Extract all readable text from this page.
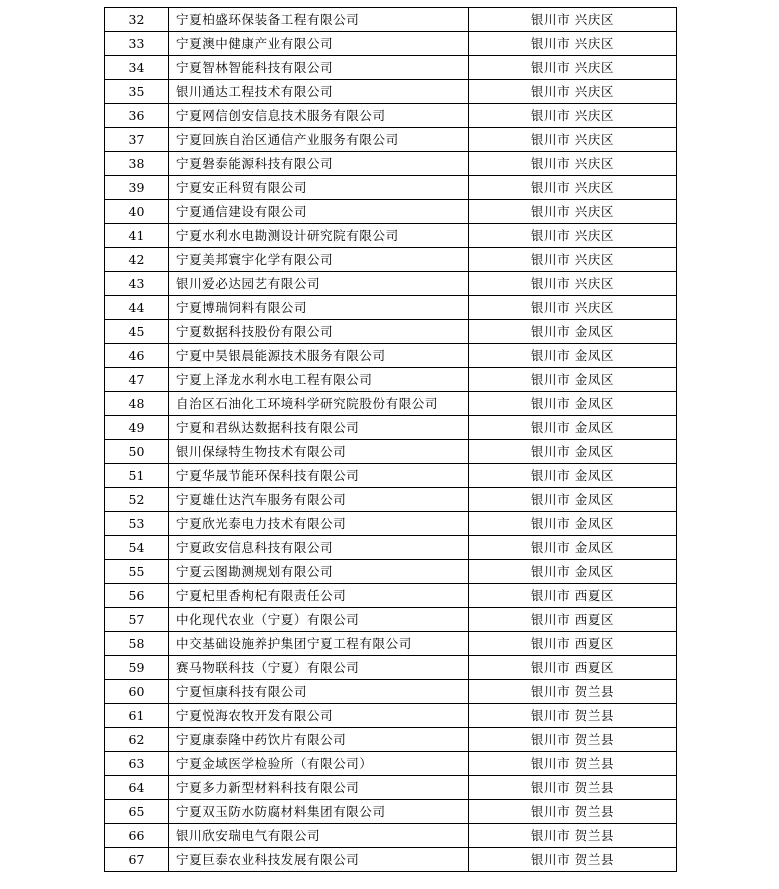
32	宁夏柏盛环保装备工程有限公司	银川市 兴庆区
33	宁夏澳中健康产业有限公司	银川市 兴庆区
34	宁夏智林智能科技有限公司	银川市 兴庆区
35	银川通达工程技术有限公司	银川市 兴庆区
36	宁夏网信创安信息技术服务有限公司	银川市 兴庆区
37	宁夏回族自治区通信产业服务有限公司	银川市 兴庆区
38	宁夏磐泰能源科技有限公司	银川市 兴庆区
39	宁夏安正科贸有限公司	银川市 兴庆区
40	宁夏通信建设有限公司	银川市 兴庆区
41	宁夏水利水电勘测设计研究院有限公司	银川市 兴庆区
42	宁夏美邦寰宇化学有限公司	银川市 兴庆区
43	银川爱必达园艺有限公司	银川市 兴庆区
44	宁夏博瑞饲料有限公司	银川市 兴庆区
45	宁夏数据科技股份有限公司	银川市 金凤区
46	宁夏中昊银晨能源技术服务有限公司	银川市 金凤区
47	宁夏上泽龙水利水电工程有限公司	银川市 金凤区
48	自治区石油化工环境科学研究院股份有限公司	银川市 金凤区
49	宁夏和君纵达数据科技有限公司	银川市 金凤区
50	银川保绿特生物技术有限公司	银川市 金凤区
51	宁夏华晟节能环保科技有限公司	银川市 金凤区
52	宁夏雄仕达汽车服务有限公司	银川市 金凤区
53	宁夏欣光泰电力技术有限公司	银川市 金凤区
54	宁夏政安信息科技有限公司	银川市 金凤区
55	宁夏云图勘测规划有限公司	银川市 金凤区
56	宁夏杞里香枸杞有限责任公司	银川市 西夏区
57	中化现代农业（宁夏）有限公司	银川市 西夏区
58	中交基础设施养护集团宁夏工程有限公司	银川市 西夏区
59	赛马物联科技（宁夏）有限公司	银川市 西夏区
60	宁夏恒康科技有限公司	银川市 贺兰县
61	宁夏悦海农牧开发有限公司	银川市 贺兰县
62	宁夏康泰隆中药饮片有限公司	银川市 贺兰县
63	宁夏金域医学检验所（有限公司）	银川市 贺兰县
64	宁夏多力新型材料科技有限公司	银川市 贺兰县
65	宁夏双玉防水防腐材料集团有限公司	银川市 贺兰县
66	银川欣安瑞电气有限公司	银川市 贺兰县
67	宁夏巨泰农业科技发展有限公司	银川市 贺兰县
